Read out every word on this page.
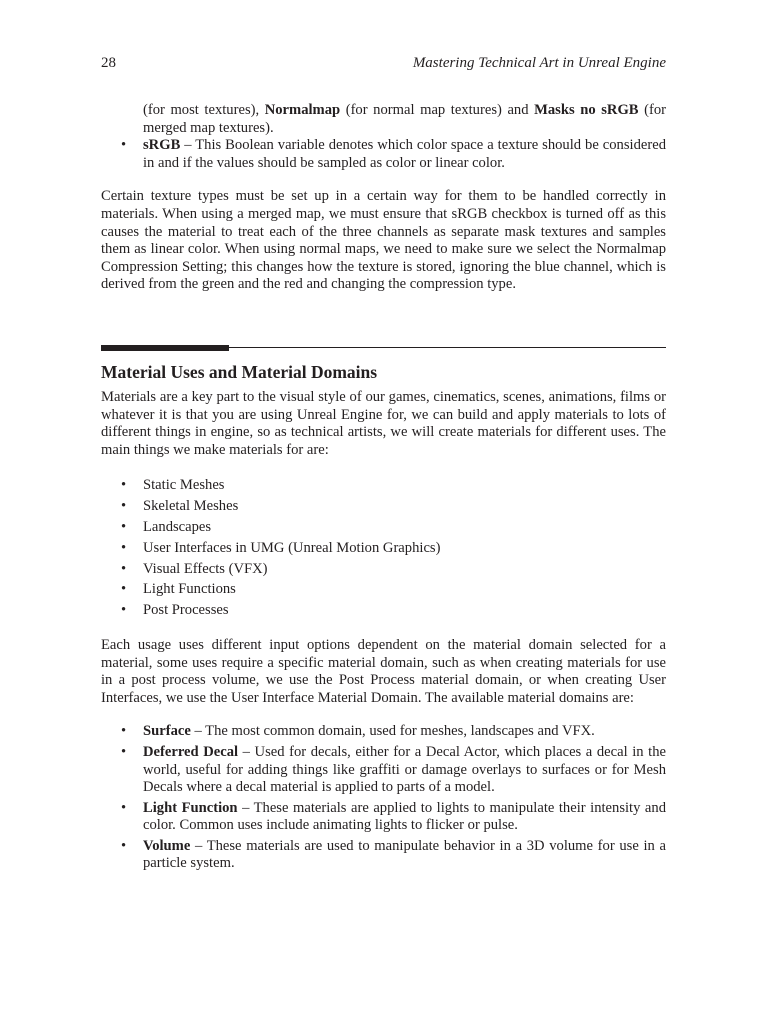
28	Mastering Technical Art in Unreal Engine
(for most textures), Normalmap (for normal map textures) and Masks no sRGB (for merged map textures).
• sRGB – This Boolean variable denotes which color space a texture should be considered in and if the values should be sampled as color or linear color.

Certain texture types must be set up in a certain way for them to be handled correctly in materials. When using a merged map, we must ensure that sRGB checkbox is turned off as this causes the material to treat each of the three channels as separate mask textures and samples them as linear color. When using normal maps, we need to make sure we select the Normalmap Compression Setting; this changes how the texture is stored, ignoring the blue channel, which is derived from the green and the red and changing the compression type.

Material Uses and Material Domains

Materials are a key part to the visual style of our games, cinematics, scenes, animations, films or whatever it is that you are using Unreal Engine for, we can build and apply materials to lots of different things in engine, so as technical artists, we will create materials for different uses. The main things we make materials for are:

• Static Meshes
• Skeletal Meshes
• Landscapes
• User Interfaces in UMG (Unreal Motion Graphics)
• Visual Effects (VFX)
• Light Functions
• Post Processes

Each usage uses different input options dependent on the material domain selected for a material, some uses require a specific material domain, such as when creating materials for use in a post process volume, we use the Post Process material domain, or when creating User Interfaces, we use the User Interface Material Domain. The available material domains are:

• Surface – The most common domain, used for meshes, landscapes and VFX.
• Deferred Decal – Used for decals, either for a Decal Actor, which places a decal in the world, useful for adding things like graffiti or damage overlays to surfaces or for Mesh Decals where a decal material is applied to parts of a model.
• Light Function – These materials are applied to lights to manipulate their intensity and color. Common uses include animating lights to flicker or pulse.
• Volume – These materials are used to manipulate behavior in a 3D volume for use in a particle system.
